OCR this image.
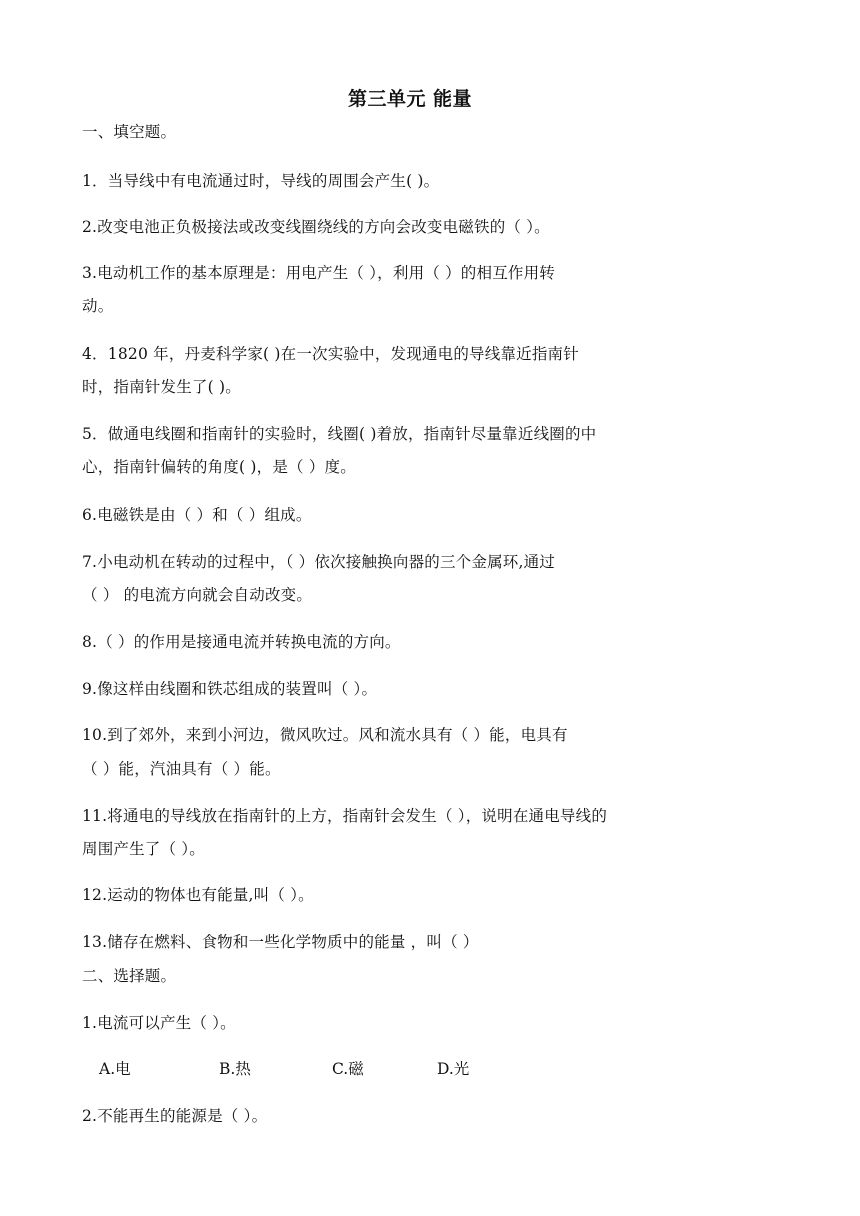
第三单元 能量
一、填空题。
1．当导线中有电流通过时，导线的周围会产生( )。
2.改变电池正负极接法或改变线圈绕线的方向会改变电磁铁的（ ）。
3.电动机工作的基本原理是：用电产生（ ），利用（ ）的相互作用转
动。
4．1820 年，丹麦科学家( )在一次实验中，发现通电的导线靠近指南针
时，指南针发生了( )。
5．做通电线圈和指南针的实验时，线圈( )着放，指南针尽量靠近线圈的中
心，指南针偏转的角度( )，是（ ）度。
6.电磁铁是由（ ）和（ ）组成。
7.小电动机在转动的过程中，（ ）依次接触换向器的三个金属环,通过
（ ） 的电流方向就会自动改变。
8.（ ）的作用是接通电流并转换电流的方向。
9.像这样由线圈和铁芯组成的装置叫（ ）。
10.到了郊外，来到小河边，微风吹过。风和流水具有（ ）能，电具有
（ ）能，汽油具有（ ）能。
11.将通电的导线放在指南针的上方，指南针会发生（ ），说明在通电导线的
周围产生了（ ）。
12.运动的物体也有能量,叫（ ）。
13.储存在燃料、食物和一些化学物质中的能量 ，叫（ ）
二、选择题。
1.电流可以产生（ ）。
A.电	B.热	C.磁	D.光
2.不能再生的能源是（ ）。
